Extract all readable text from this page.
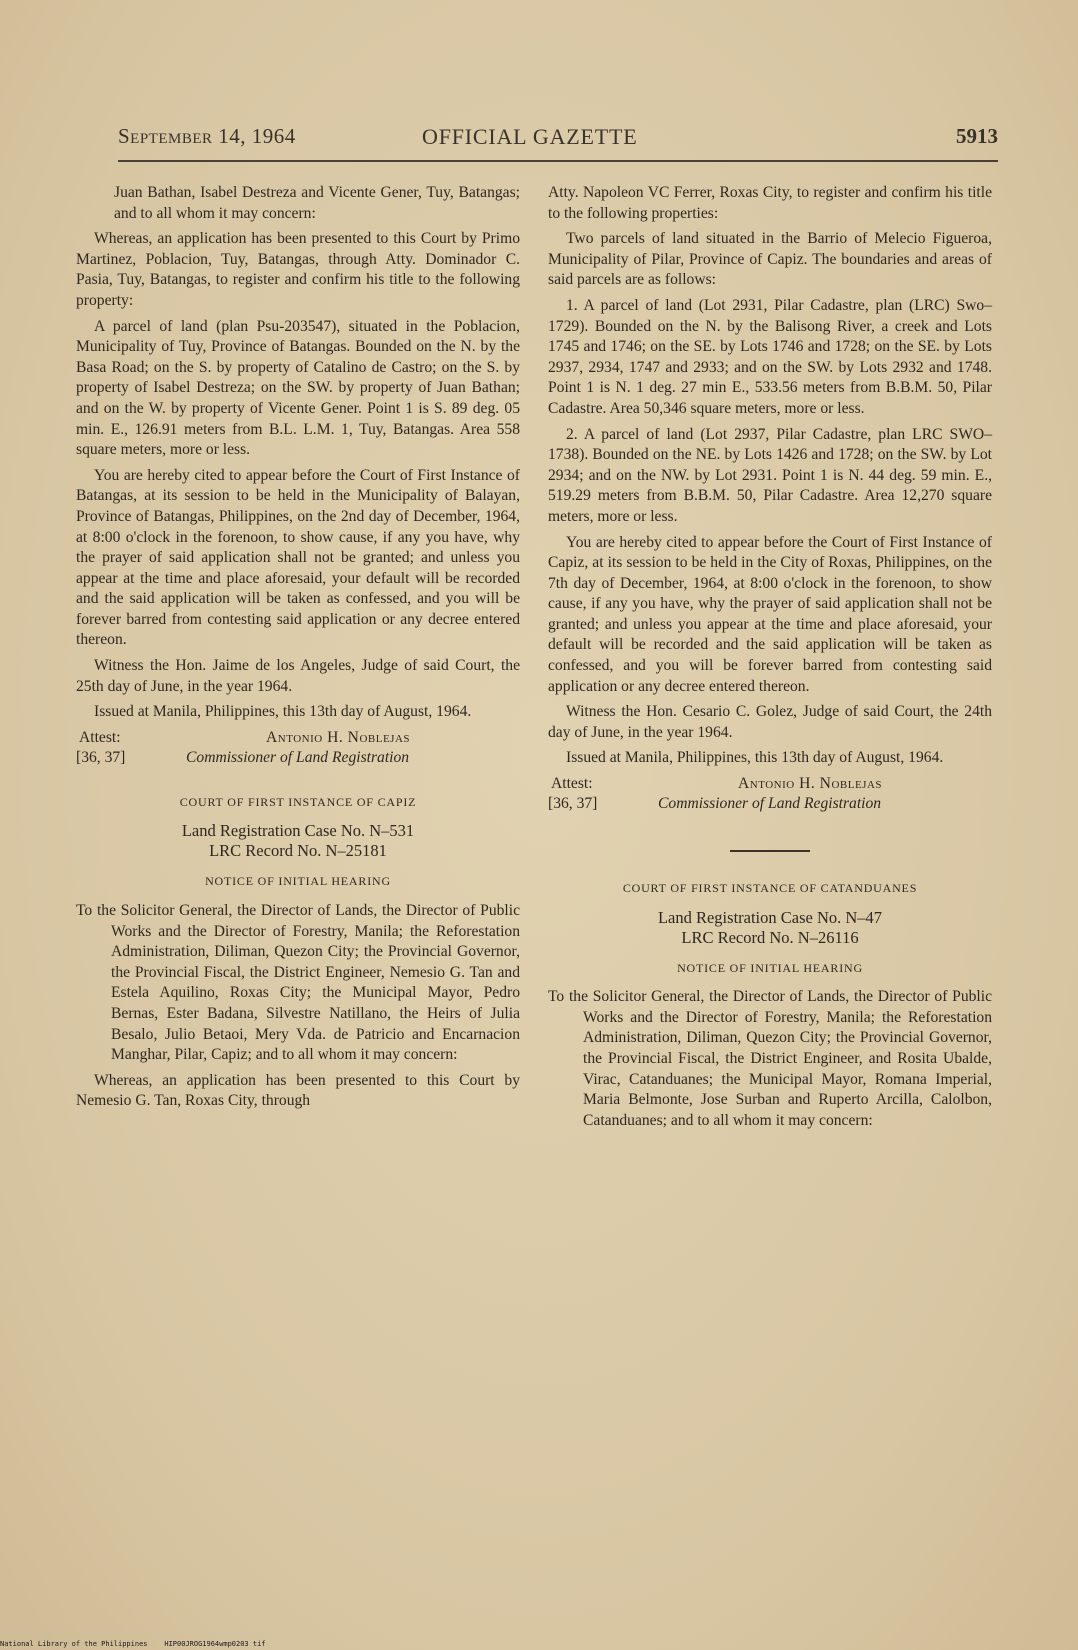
September 14, 1964	OFFICIAL GAZETTE	5913
Juan Bathan, Isabel Destreza and Vicente Gener, Tuy, Batangas; and to all whom it may concern:

Whereas, an application has been presented to this Court by Primo Martinez, Poblacion, Tuy, Batangas, through Atty. Dominador C. Pasia, Tuy, Batangas, to register and confirm his title to the following property:

A parcel of land (plan Psu-203547), situated in the Poblacion, Municipality of Tuy, Province of Batangas. Bounded on the N. by the Basa Road; on the S. by property of Catalino de Castro; on the S. by property of Isabel Destreza; on the SW. by property of Juan Bathan; and on the W. by property of Vicente Gener. Point 1 is S. 89 deg. 05 min. E., 126.91 meters from B.L. L.M. 1, Tuy, Batangas. Area 558 square meters, more or less.

You are hereby cited to appear before the Court of First Instance of Batangas, at its session to be held in the Municipality of Balayan, Province of Batangas, Philippines, on the 2nd day of December, 1964, at 8:00 o'clock in the forenoon, to show cause, if any you have, why the prayer of said application shall not be granted; and unless you appear at the time and place aforesaid, your default will be recorded and the said application will be taken as confessed, and you will be forever barred from contesting said application or any decree entered thereon.

Witness the Hon. Jaime de los Angeles, Judge of said Court, the 25th day of June, in the year 1964.

Issued at Manila, Philippines, this 13th day of August, 1964.

Attest:	Antonio H. Noblejas
[36, 37]	Commissioner of Land Registration
COURT OF FIRST INSTANCE OF CAPIZ
Land Registration Case No. N–531
LRC Record No. N–25181
NOTICE OF INITIAL HEARING
To the Solicitor General, the Director of Lands, the Director of Public Works and the Director of Forestry, Manila; the Reforestation Administration, Diliman, Quezon City; the Provincial Governor, the Provincial Fiscal, the District Engineer, Nemesio G. Tan and Estela Aquilino, Roxas City; the Municipal Mayor, Pedro Bernas, Ester Badana, Silvestre Natillano, the Heirs of Julia Besalo, Julio Betaoi, Mery Vda. de Patricio and Encarnacion Manghar, Pilar, Capiz; and to all whom it may concern:

Whereas, an application has been presented to this Court by Nemesio G. Tan, Roxas City, through

Atty. Napoleon VC Ferrer, Roxas City, to register and confirm his title to the following properties:

Two parcels of land situated in the Barrio of Melecio Figueroa, Municipality of Pilar, Province of Capiz. The boundaries and areas of said parcels are as follows:

1. A parcel of land (Lot 2931, Pilar Cadastre, plan (LRC) Swo–1729). Bounded on the N. by the Balisong River, a creek and Lots 1745 and 1746; on the SE. by Lots 1746 and 1728; on the SE. by Lots 2937, 2934, 1747 and 2933; and on the SW. by Lots 2932 and 1748. Point 1 is N. 1 deg. 27 min E., 533.56 meters from B.B.M. 50, Pilar Cadastre. Area 50,346 square meters, more or less.

2. A parcel of land (Lot 2937, Pilar Cadastre, plan LRC SWO–1738). Bounded on the NE. by Lots 1426 and 1728; on the SW. by Lot 2934; and on the NW. by Lot 2931. Point 1 is N. 44 deg. 59 min. E., 519.29 meters from B.B.M. 50, Pilar Cadastre. Area 12,270 square meters, more or less.

You are hereby cited to appear before the Court of First Instance of Capiz, at its session to be held in the City of Roxas, Philippines, on the 7th day of December, 1964, at 8:00 o'clock in the forenoon, to show cause, if any you have, why the prayer of said application shall not be granted; and unless you appear at the time and place aforesaid, your default will be recorded and the said application will be taken as confessed, and you will be forever barred from contesting said application or any decree entered thereon.

Witness the Hon. Cesario C. Golez, Judge of said Court, the 24th day of June, in the year 1964.

Issued at Manila, Philippines, this 13th day of August, 1964.

Attest:	Antonio H. Noblejas
[36, 37]	Commissioner of Land Registration
COURT OF FIRST INSTANCE OF CATANDUANES
Land Registration Case No. N–47
LRC Record No. N–26116
NOTICE OF INITIAL HEARING
To the Solicitor General, the Director of Lands, the Director of Public Works and the Director of Forestry, Manila; the Reforestation Administration, Diliman, Quezon City; the Provincial Governor, the Provincial Fiscal, the District Engineer, and Rosita Ubalde, Virac, Catanduanes; the Municipal Mayor, Romana Imperial, Maria Belmonte, Jose Surban and Ruperto Arcilla, Calolbon, Catanduanes; and to all whom it may concern:
National Library of the Philippines    HIP00JROG1964wmp0203 tif
